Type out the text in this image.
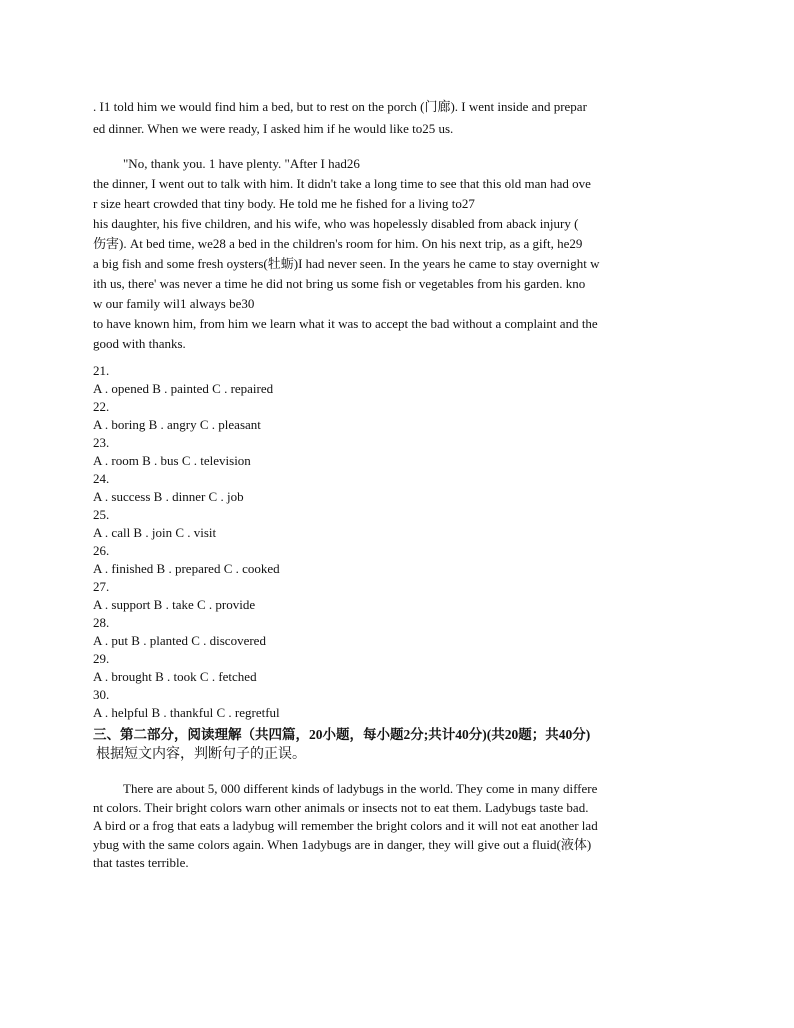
. I1 told him we would find him a bed, but to rest on the porch (门廊). I went inside and prepar
ed dinner. When we were ready, I asked him if he would like to25 us.
"No, thank you. 1 have plenty. "After I had26
the dinner, I went out to talk with him. It didn't take a long time to see that this old man had ove
r size heart crowded that tiny body. He told me he fished for a living to27
his daughter, his five children, and his wife, who was hopelessly disabled from aback injury (
伤害). At bed time, we28 a bed in the children's room for him. On his next trip, as a gift, he29
a big fish and some fresh oysters(牡蛎)I had never seen. In the years he came to stay overnight w
ith us, there' was never a time he did not bring us some fish or vegetables from his garden. kno
w our family wil1 always be30
to have known him, from him we learn what it was to accept the bad without a complaint and the
good with thanks.
21.
A . opened B . painted C . repaired
22.
A . boring B . angry C . pleasant
23.
A . room B . bus C . television
24.
A . success B . dinner C . job
25.
A . call B . join C . visit
26.
A . finished B . prepared C . cooked
27.
A . support B . take C . provide
28.
A . put B . planted C . discovered
29.
A . brought B . took C . fetched
30.
A . helpful B . thankful C . regretful
三、第二部分，阅读理解（共四篇，20小题，每小题2分;共计40分)(共20题；共40分)
根据短文内容，判断句子的正误。
There are about 5, 000 different kinds of ladybugs in the world. They come in many differe
nt colors. Their bright colors warn other animals or insects not to eat them. Ladybugs taste bad.
A bird or a frog that eats a ladybug will remember the bright colors and it will not eat another lad
ybug with the same colors again. When 1adybugs are in danger, they will give out a fluid(液体)
that tastes terrible.
